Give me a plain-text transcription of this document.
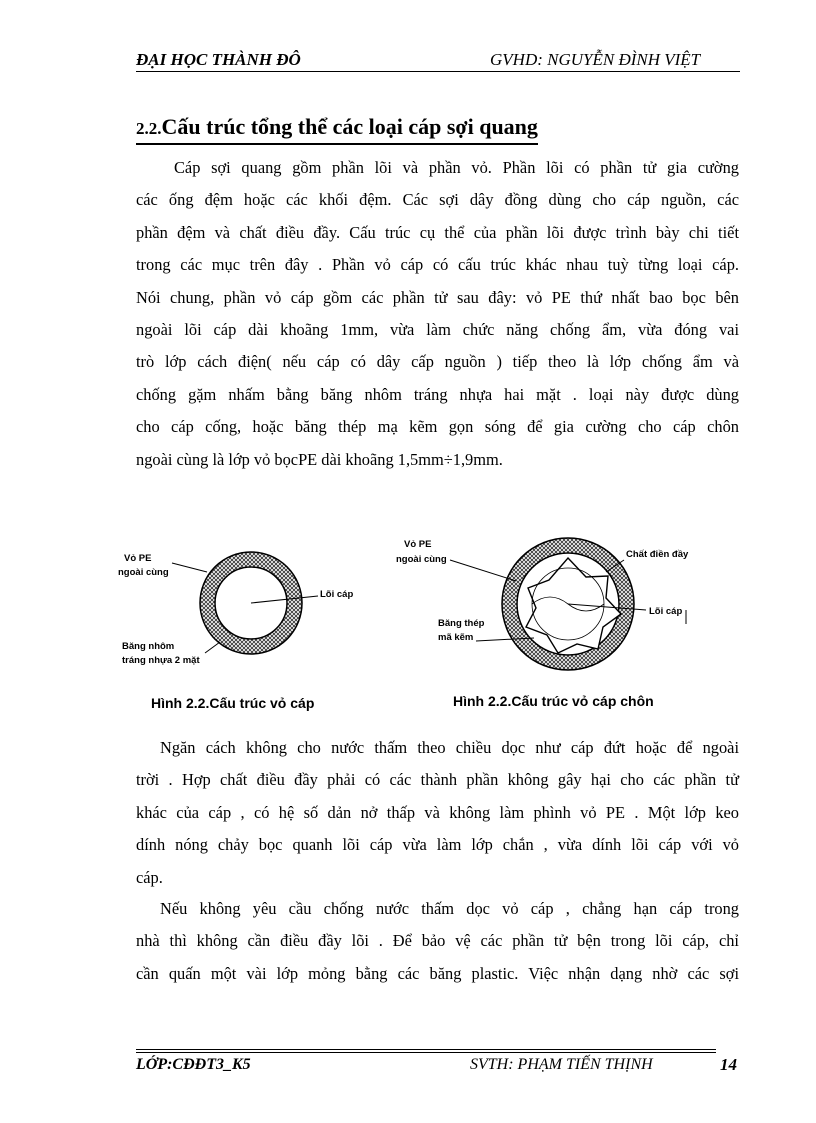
ĐẠI HỌC THÀNH ĐÔ	GVHD: NGUYỄN ĐÌNH VIỆT
2.2.Cấu trúc tổng thể các loại cáp sợi quang
Cáp sợi quang gồm phần lõi và phần vỏ. Phần lõi có phần tử gia cường
các ống đệm hoặc các khối đệm. Các sợi dây đồng dùng cho cáp nguồn, các
phần đệm và chất điều đầy. Cấu trúc cụ thể của phần lõi được trình bày chi tiết
trong các mục trên đây . Phần vỏ cáp có cấu trúc khác nhau tuỳ từng loại cáp.
Nói chung, phần vỏ cáp gồm các phần tử sau đây: vỏ PE thứ nhất bao bọc bên
ngoài lõi cáp dài khoãng 1mm, vừa làm chức năng chống ẩm, vừa đóng vai
trò lớp cách điện( nếu cáp có dây cấp nguồn ) tiếp theo là lớp chống ẩm và
chống gặm nhấm bằng băng nhôm tráng nhựa hai mặt . loại này được dùng
cho cáp cống, hoặc băng thép mạ kẽm gọn sóng để gia cường cho cáp chôn
ngoài cùng là lớp vỏ bọcPE dài khoãng 1,5mm÷1,9mm.
Vỏ PE
ngoài cùng
Lõi cáp
Băng nhôm
tráng nhựa 2 mặt
Vỏ PE
ngoài cùng	Chất điền đầy
Lõi cáp
Băng thép
mã kẽm
Hình 2.2.Cấu trúc vỏ cáp	Hình 2.2.Cấu trúc vỏ cáp chôn
Ngăn cách không cho nước thấm theo chiều dọc như cáp đứt hoặc để ngoài
trời . Hợp chất điều đầy phải có các thành phần không gây hại cho các phần tử
khác của cáp , có hệ số dản nở thấp và không làm phình vỏ PE . Một lớp keo
dính nóng chảy bọc quanh lõi cáp vừa làm lớp chắn , vừa dính lõi cáp với vỏ
cáp.
Nếu không yêu cầu chống nước thấm dọc vỏ cáp , chẳng hạn cáp trong
nhà thì không cần điều đầy lõi . Để bảo vệ các phần tử bện trong lõi cáp, chỉ
cần quấn một vài lớp mỏng bằng các băng plastic. Việc nhận dạng nhờ các sợi
LỚP:CĐĐT3_K5	SVTH: PHẠM TIẾN THỊNH	14
